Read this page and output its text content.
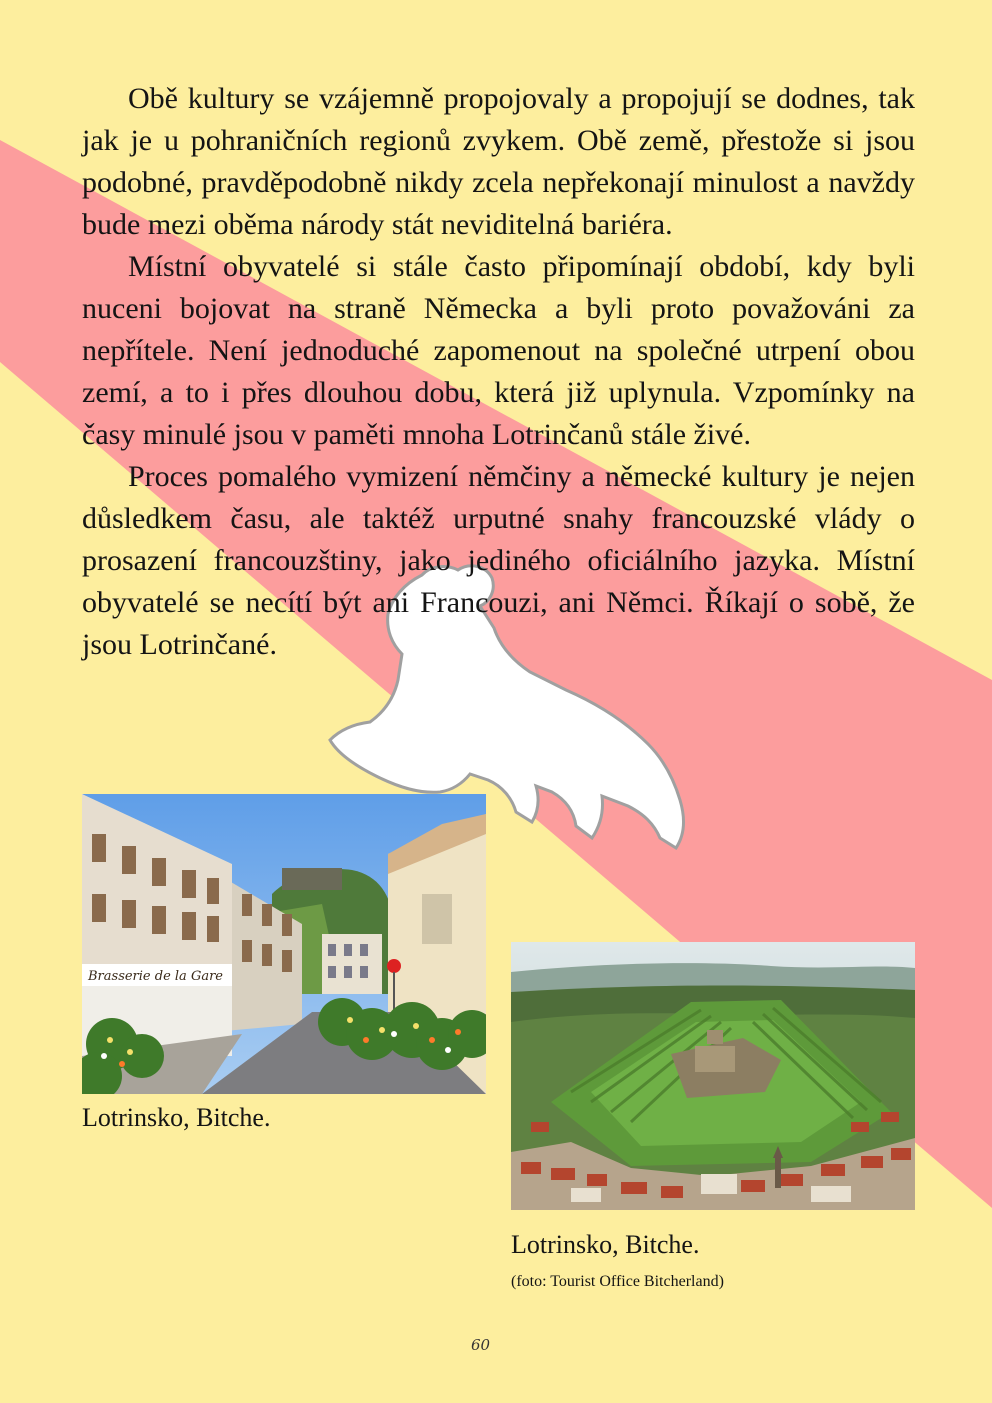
Obě kultury se vzájemně propojovaly a propojují se dodnes, tak jak je u pohraničních regionů zvykem. Obě země, přestože si jsou podobné, pravděpodobně nikdy zcela nepřekonají minulost a navždy bude mezi oběma národy stát neviditelná bariéra.

Místní obyvatelé si stále často připomínají období, kdy byli nuceni bojovat na straně Německa a byli proto považováni za nepřítele. Není jednoduché zapomenout na společné utrpení obou zemí, a to i přes dlouhou dobu, která již uplynula. Vzpomínky na časy minulé jsou v paměti mnoha Lotrinčanů stále živé.

Proces pomalého vymizení němčiny a německé kultury je nejen důsledkem času, ale taktéž urputné snahy francouzské vlády o prosazení francouzštiny, jako jediného oficiálního jazyka. Místní obyvatelé se necítí být ani Francouzi, ani Němci. Říkají o sobě, že jsou Lotrinčané.

Brasserie de la Gare
Lotrinsko, Bitche.
Lotrinsko, Bitche.
(foto: Tourist Office Bitcherland)
60
